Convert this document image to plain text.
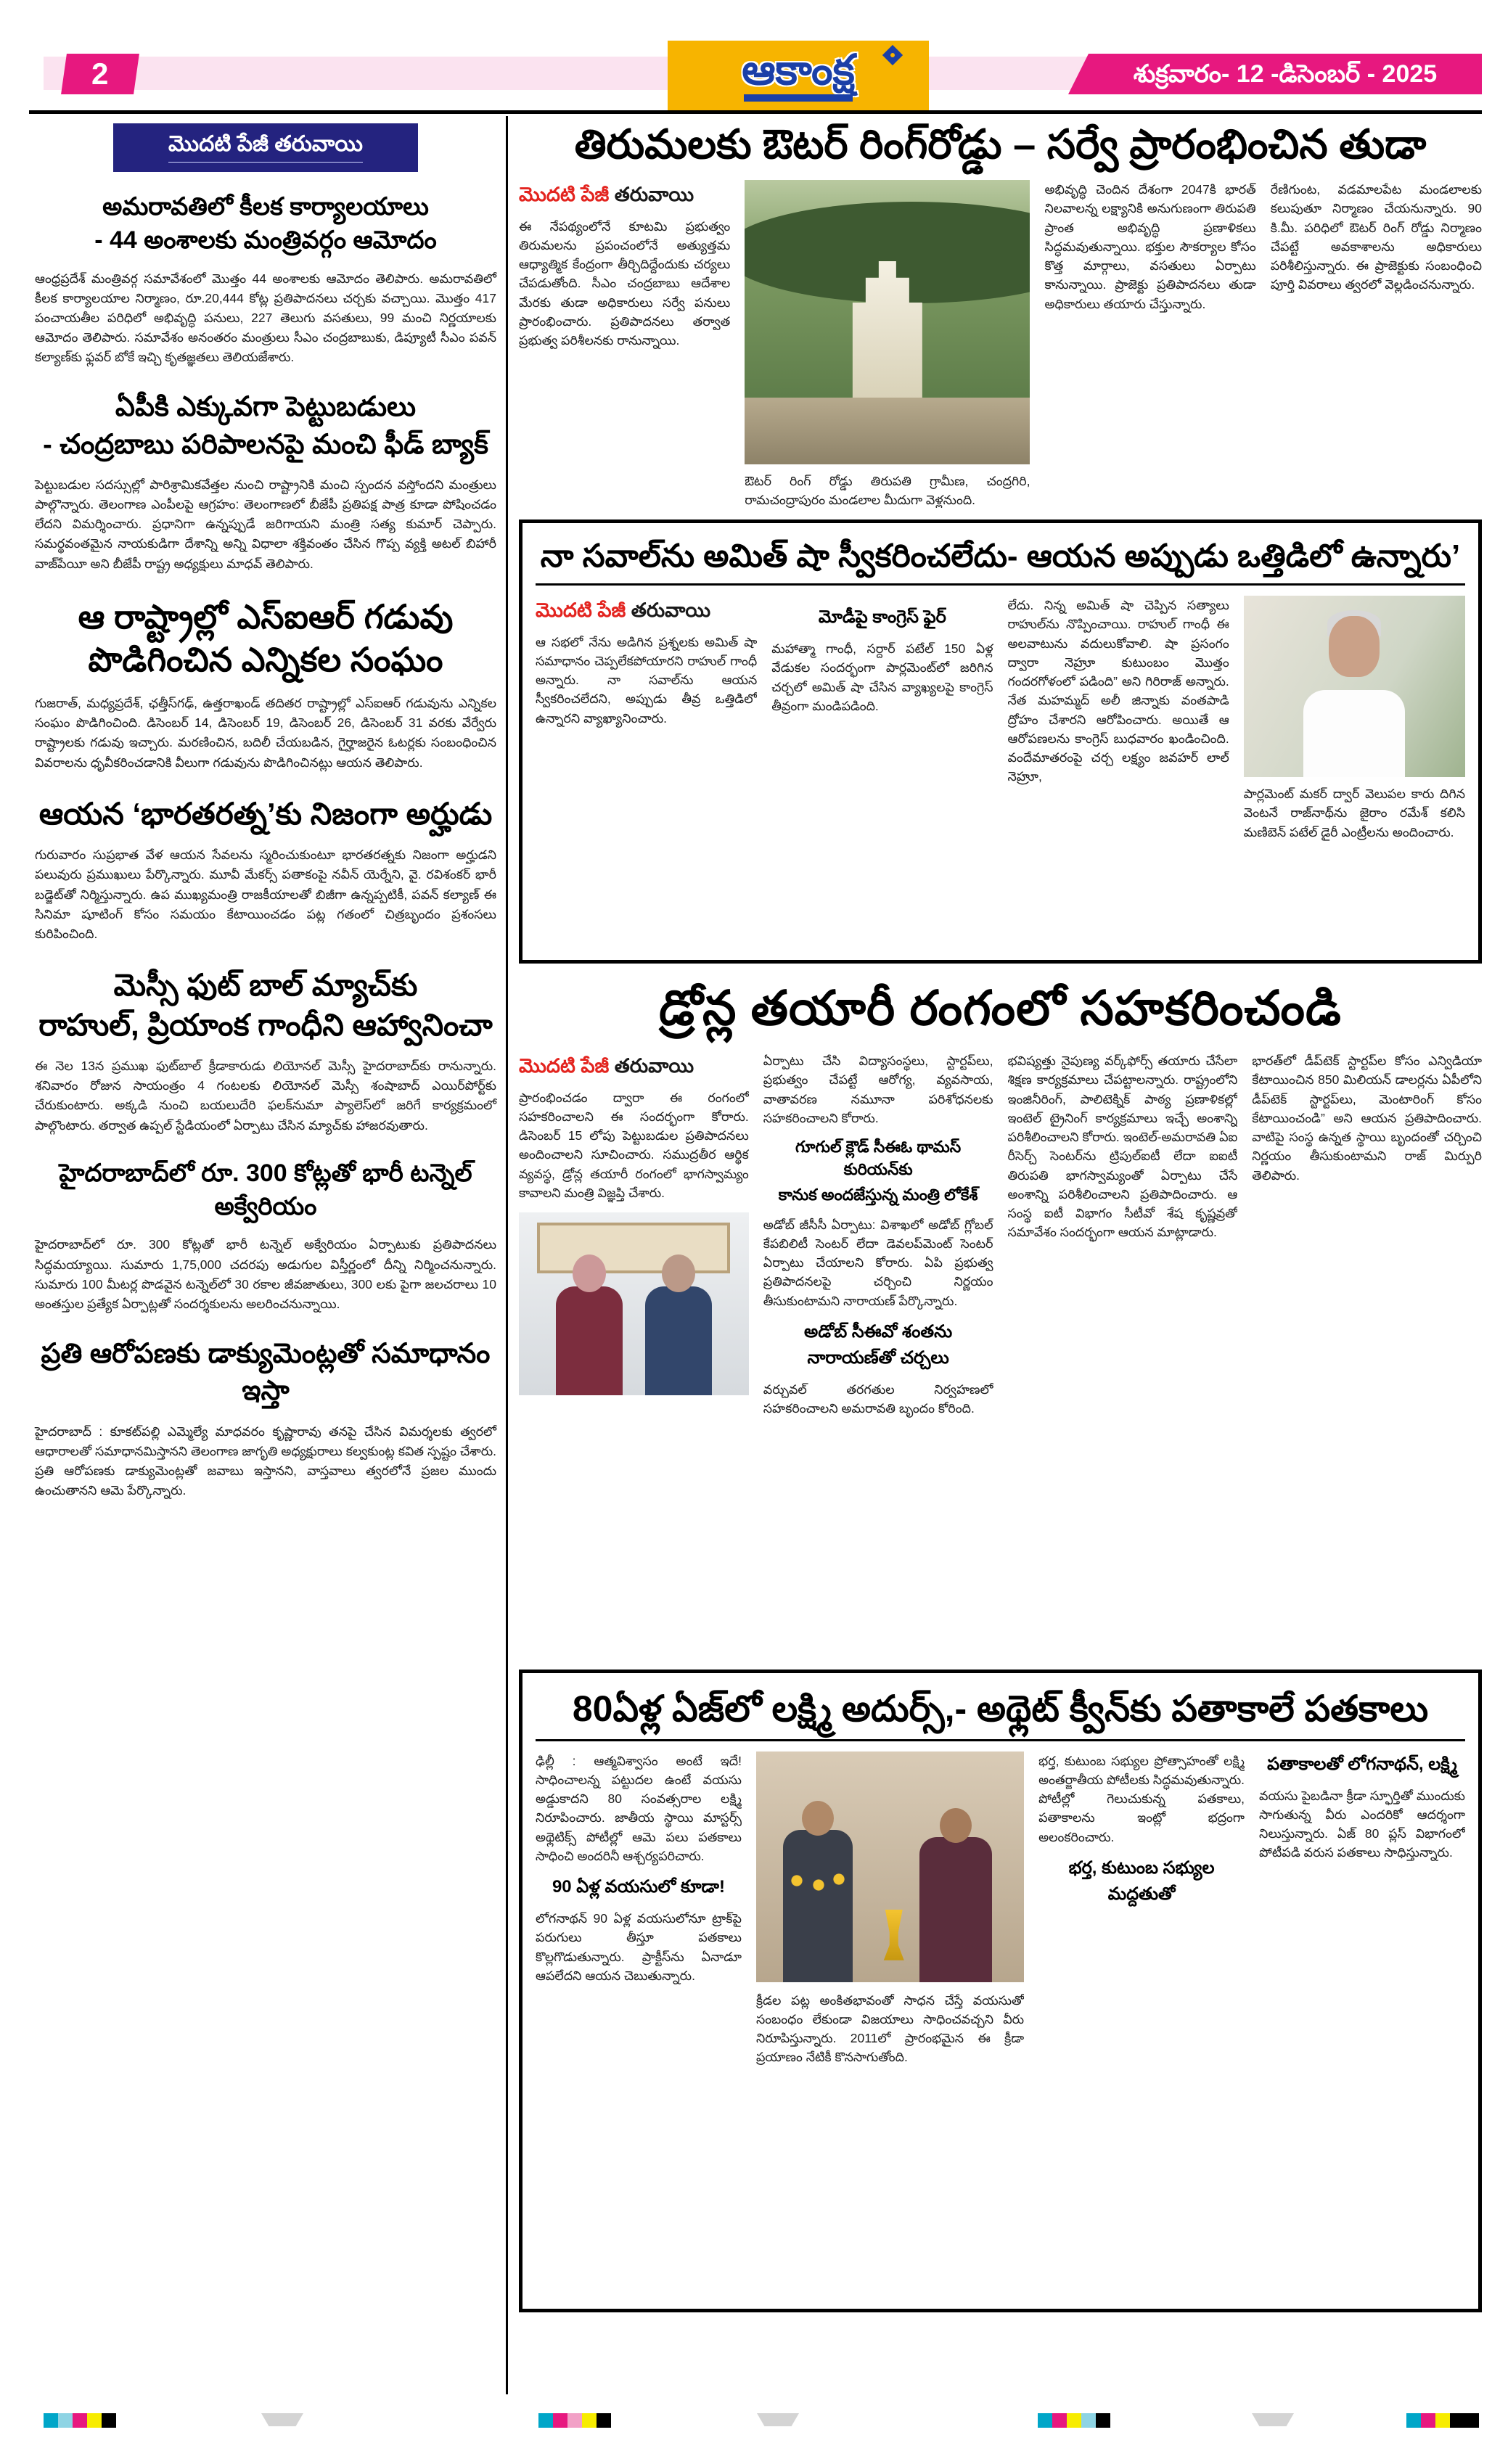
2	ఆకాంక్ష	శుక్రవారం- 12 -డిసెంబర్ - 2025
మొదటి పేజీ తరువాయి
అమరావతిలో కీలక కార్యాలయాలు
- 44 అంశాలకు మంత్రివర్గం ఆమోదం
ఆంధ్రప్రదేశ్ మంత్రివర్గ సమావేశంలో మొత్తం 44 అంశాలకు ఆమోదం తెలిపారు. అమరావతిలో కీలక కార్యాలయాల నిర్మాణం, రూ.20,444 కోట్ల ప్రతిపాదనలు చర్చకు వచ్చాయి. మొత్తం 417 పంచాయతీల పరిధిలో అభివృద్ధి పనులు, 227 తెలుగు వసతులు, 99 మంచి నిర్ణయాలకు ఆమోదం తెలిపారు. సమావేశం అనంతరం మంత్రులు సీఎం చంద్రబాబుకు, డిప్యూటీ సీఎం పవన్ కల్యాణ్‌కు ఫ్లవర్ బోకే ఇచ్చి కృతజ్ఞతలు తెలియజేశారు.
ఏపీకి ఎక్కువగా పెట్టుబడులు
- చంద్రబాబు పరిపాలనపై మంచి ఫీడ్ బ్యాక్
పెట్టుబడుల సదస్సుల్లో పారిశ్రామికవేత్తల నుంచి రాష్ట్రానికి మంచి స్పందన వస్తోందని మంత్రులు పాల్గొన్నారు. తెలంగాణ ఎంపీలపై ఆగ్రహం: తెలంగాణలో బీజేపీ ప్రతిపక్ష పాత్ర కూడా పోషించడం లేదని విమర్శించారు. ప్రధానిగా ఉన్నప్పుడే జరిగాయని మంత్రి సత్య కుమార్ చెప్పారు. సమర్థవంతమైన నాయకుడిగా దేశాన్ని అన్ని విధాలా శక్తివంతం చేసిన గొప్ప వ్యక్తి అటల్ బిహారీ వాజ్‌పేయీ అని బీజేపీ రాష్ట్ర అధ్యక్షులు మాధవ్ తెలిపారు.
ఆ రాష్ట్రాల్లో ఎస్ఐఆర్ గడువు
పొడిగించిన ఎన్నికల సంఘం
గుజరాత్, మధ్యప్రదేశ్, ఛత్తీస్‌గఢ్, ఉత్తరాఖండ్ తదితర రాష్ట్రాల్లో ఎస్ఐఆర్ గడువును ఎన్నికల సంఘం పొడిగించింది. డిసెంబర్ 14, డిసెంబర్ 19, డిసెంబర్ 26, డిసెంబర్ 31 వరకు వేర్వేరు రాష్ట్రాలకు గడువు ఇచ్చారు. మరణించిన, బదిలీ చేయబడిన, గైర్హాజరైన ఓటర్లకు సంబంధించిన వివరాలను ధృవీకరించడానికి వీలుగా గడువును పొడిగించినట్లు ఆయన తెలిపారు.
ఆయన ‘భారతరత్న’కు నిజంగా అర్హుడు
గురువారం సుప్రభాత వేళ ఆయన సేవలను స్మరించుకుంటూ భారతరత్నకు నిజంగా అర్హుడని పలువురు ప్రముఖులు పేర్కొన్నారు. మూవీ మేకర్స్ పతాకంపై నవీన్ యెర్నేని, వై. రవిశంకర్ భారీ బడ్జెట్‌తో నిర్మిస్తున్నారు. ఉప ముఖ్యమంత్రి రాజకీయాలతో బిజీగా ఉన్నప్పటికీ, పవన్ కల్యాణ్ ఈ సినిమా షూటింగ్ కోసం సమయం కేటాయించడం పట్ల గతంలో చిత్రబృందం ప్రశంసలు కురిపించింది.
మెస్సీ ఫుట్ బాల్ మ్యాచ్‌కు
రాహుల్, ప్రియాంక గాంధీని ఆహ్వానించా
ఈ నెల 13న ప్రముఖ ఫుట్‌బాల్ క్రీడాకారుడు లియోనల్ మెస్సీ హైదరాబాద్‌కు రానున్నారు. శనివారం రోజున సాయంత్రం 4 గంటలకు లియోనల్ మెస్సీ శంషాబాద్ ఎయిర్‌పోర్ట్‌కు చేరుకుంటారు. అక్కడి నుంచి బయలుదేరి ఫలక్‌నుమా ప్యాలెస్‌లో జరిగే కార్యక్రమంలో పాల్గొంటారు. తర్వాత ఉప్పల్ స్టేడియంలో ఏర్పాటు చేసిన మ్యాచ్‌కు హాజరవుతారు.
హైదరాబాద్‌లో రూ. 300 కోట్లతో భారీ టన్నెల్ అక్వేరియం
హైదరాబాద్‌లో రూ. 300 కోట్లతో భారీ టన్నెల్ అక్వేరియం ఏర్పాటుకు ప్రతిపాదనలు సిద్ధమయ్యాయి. సుమారు 1,75,000 చదరపు అడుగుల విస్తీర్ణంలో దీన్ని నిర్మించనున్నారు. సుమారు 100 మీటర్ల పొడవైన టన్నెల్‌లో 30 రకాల జీవజాతులు, 300 లకు పైగా జలచరాలు 10 అంతస్తుల ప్రత్యేక ఏర్పాట్లతో సందర్శకులను అలరించనున్నాయి.
ప్రతి ఆరోపణకు డాక్యుమెంట్లతో సమాధానం ఇస్తా
హైదరాబాద్ : కూకట్‌పల్లి ఎమ్మెల్యే మాధవరం కృష్ణారావు తనపై చేసిన విమర్శలకు త్వరలో ఆధారాలతో సమాధానమిస్తానని తెలంగాణ జాగృతి అధ్యక్షురాలు కల్వకుంట్ల కవిత స్పష్టం చేశారు. ప్రతి ఆరోపణకు డాక్యుమెంట్లతో జవాబు ఇస్తానని, వాస్తవాలు త్వరలోనే ప్రజల ముందు ఉంచుతానని ఆమె పేర్కొన్నారు.
తిరుమలకు ఔటర్ రింగ్‌రోడ్డు – సర్వే ప్రారంభించిన తుడా
మొదటి పేజీ తరువాయి
ఈ నేపథ్యంలోనే కూటమి ప్రభుత్వం తిరుమలను ప్రపంచంలోనే అత్యుత్తమ ఆధ్యాత్మిక కేంద్రంగా తీర్చిదిద్దేందుకు చర్యలు చేపడుతోంది. సీఎం చంద్రబాబు ఆదేశాల మేరకు తుడా అధికారులు సర్వే పనులు ప్రారంభించారు. ప్రతిపాదనలు తర్వాత ప్రభుత్వ పరిశీలనకు రానున్నాయి.
ఔటర్ రింగ్ రోడ్డు తిరుపతి గ్రామీణ, చంద్రగిరి, రామచంద్రాపురం మండలాల మీదుగా వెళ్లనుంది.
అభివృద్ధి చెందిన దేశంగా 2047కి భారత్ నిలవాలన్న లక్ష్యానికి అనుగుణంగా తిరుపతి ప్రాంత అభివృద్ధి ప్రణాళికలు సిద్ధమవుతున్నాయి. భక్తుల సౌకర్యాల కోసం కొత్త మార్గాలు, వసతులు ఏర్పాటు కానున్నాయి. ప్రాజెక్టు ప్రతిపాదనలు తుడా అధికారులు తయారు చేస్తున్నారు.
రేణిగుంట, వడమాలపేట మండలాలకు కలుపుతూ నిర్మాణం చేయనున్నారు. 90 కి.మీ. పరిధిలో ఔటర్ రింగ్ రోడ్డు నిర్మాణం చేపట్టే అవకాశాలను అధికారులు పరిశీలిస్తున్నారు. ఈ ప్రాజెక్టుకు సంబంధించి పూర్తి వివరాలు త్వరలో వెల్లడించనున్నారు.
నా సవాల్‌ను అమిత్ షా స్వీకరించలేదు- ఆయన అప్పుడు ఒత్తిడిలో ఉన్నారు’
మొదటి పేజీ తరువాయి
ఆ సభలో నేను అడిగిన ప్రశ్నలకు అమిత్ షా సమాధానం చెప్పలేకపోయారని రాహుల్ గాంధీ అన్నారు. నా సవాల్‌ను ఆయన స్వీకరించలేదని, అప్పుడు తీవ్ర ఒత్తిడిలో ఉన్నారని వ్యాఖ్యానించారు.
మోడీపై కాంగ్రెస్ ఫైర్
మహాత్మా గాంధీ, సర్దార్ పటేల్ 150 ఏళ్ల వేడుకల సందర్భంగా పార్లమెంట్‌లో జరిగిన చర్చలో అమిత్ షా చేసిన వ్యాఖ్యలపై కాంగ్రెస్ తీవ్రంగా మండిపడింది.
లేదు. నిన్న అమిత్ షా చెప్పిన సత్యాలు రాహుల్‌ను నొప్పించాయి. రాహుల్ గాంధీ ఈ అలవాటును వదులుకోవాలి. షా ప్రసంగం ద్వారా నెహ్రూ కుటుంబం మొత్తం గందరగోళంలో పడింది” అని గిరిరాజ్ అన్నారు. నేత మహమ్మద్ అలీ జిన్నాకు వంతపాడి ద్రోహం చేశారని ఆరోపించారు. అయితే ఆ ఆరోపణలను కాంగ్రెస్ బుధవారం ఖండించింది. వందేమాతరంపై చర్చ లక్ష్యం జవహర్ లాల్ నెహ్రూ,
పార్లమెంట్ మకర్ ద్వార్ వెలుపల కారు దిగిన వెంటనే రాజ్‌నాథ్‌ను జైరాం రమేశ్ కలిసి మణిబెన్ పటేల్ డైరీ ఎంట్రీలను అందించారు.
డ్రోన్ల తయారీ రంగంలో సహకరించండి
మొదటి పేజీ తరువాయి
ప్రారంభించడం ద్వారా ఈ రంగంలో సహకరించాలని ఈ సందర్భంగా కోరారు. డిసెంబర్ 15 లోపు పెట్టుబడుల ప్రతిపాదనలు అందించాలని సూచించారు. సముద్రతీర ఆర్థిక వ్యవస్థ, డ్రోన్ల తయారీ రంగంలో భాగస్వామ్యం కావాలని మంత్రి విజ్ఞప్తి చేశారు.
ఏర్పాటు చేసి విద్యాసంస్థలు, స్టార్టప్‌లు, ప్రభుత్వం చేపట్టే ఆరోగ్య, వ్యవసాయ, వాతావరణ నమూనా పరిశోధనలకు సహకరించాలని కోరారు.
గూగుల్ క్లౌడ్ సీఈఓ థామస్ కురియన్‌కు
కానుక అందజేస్తున్న మంత్రి లోకేశ్
అడోబ్ జీసీసీ ఏర్పాటు: విశాఖలో అడోబ్ గ్లోబల్ కేపబిలిటీ సెంటర్ లేదా డెవలప్‌మెంట్ సెంటర్ ఏర్పాటు చేయాలని కోరారు. ఏపి ప్రభుత్వ ప్రతిపాదనలపై చర్చించి నిర్ణయం తీసుకుంటామని నారాయణ్ పేర్కొన్నారు.
అడోబ్ సీఈవో శంతను నారాయణ్‌తో చర్చలు
వర్చువల్ తరగతుల నిర్వహణలో సహకరించాలని అమరావతి బృందం కోరింది.
భవిష్యత్తు నైపుణ్య వర్క్‌ఫోర్స్ తయారు చేసేలా శిక్షణ కార్యక్రమాలు చేపట్టాలన్నారు. రాష్ట్రంలోని ఇంజినీరింగ్, పాలిటెక్నిక్ పాఠ్య ప్రణాళికల్లో ఇంటెల్ ట్రైనింగ్ కార్యక్రమాలు ఇచ్చే అంశాన్ని పరిశీలించాలని కోరారు. ఇంటెల్-అమరావతి ఏఐ రీసెర్చ్ సెంటర్‌ను ట్రిపుల్ఐటీ లేదా ఐఐటీ తిరుపతి భాగస్వామ్యంతో ఏర్పాటు చేసే అంశాన్ని పరిశీలించాలని ప్రతిపాదించారు. ఆ సంస్థ ఐటీ విభాగం సీటీవో శేష కృష్ణవ్రతో సమావేశం సందర్భంగా ఆయన మాట్లాడారు.
భారత్‌లో డీప్‌టెక్ స్టార్టప్‌ల కోసం ఎన్విడియా కేటాయించిన 850 మిలియన్ డాలర్లను ఏపీలోని డీప్‌టెక్ స్టార్టప్‌లు, మెంటారింగ్ కోసం కేటాయించండి” అని ఆయన ప్రతిపాదించారు. వాటిపై సంస్థ ఉన్నత స్థాయి బృందంతో చర్చించి నిర్ణయం తీసుకుంటామని రాజ్ మిర్పురి తెలిపారు.
80ఏళ్ల ఏజ్‌లో లక్ష్మి అదుర్స్,- అథ్లెట్ క్వీన్‌కు పతాకాలే పతకాలు
ఢిల్లీ : ఆత్మవిశ్వాసం అంటే ఇదే! సాధించాలన్న పట్టుదల ఉంటే వయసు అడ్డుకాదని 80 సంవత్సరాల లక్ష్మి నిరూపించారు. జాతీయ స్థాయి మాస్టర్స్ అథ్లెటిక్స్ పోటీల్లో ఆమె పలు పతకాలు సాధించి అందరినీ ఆశ్చర్యపరిచారు.
90 ఏళ్ల వయసులో కూడా!
లోగనాథన్ 90 ఏళ్ల వయసులోనూ ట్రాక్‌పై పరుగులు తీస్తూ పతకాలు కొల్లగొడుతున్నారు. ప్రాక్టీస్‌ను ఏనాడూ ఆపలేదని ఆయన చెబుతున్నారు.
క్రీడల పట్ల అంకితభావంతో సాధన చేస్తే వయసుతో సంబంధం లేకుండా విజయాలు సాధించవచ్చని వీరు నిరూపిస్తున్నారు. 2011లో ప్రారంభమైన ఈ క్రీడా ప్రయాణం నేటికీ కొనసాగుతోంది.
భర్త, కుటుంబ సభ్యుల ప్రోత్సాహంతో లక్ష్మి అంతర్జాతీయ పోటీలకు సిద్ధమవుతున్నారు. పోటీల్లో గెలుచుకున్న పతకాలు, పతాకాలను ఇంట్లో భద్రంగా అలంకరించారు.
భర్త, కుటుంబ సభ్యుల మద్దతుతో
పతాకాలతో లోగనాథన్, లక్ష్మి
వయసు పైబడినా క్రీడా స్ఫూర్తితో ముందుకు సాగుతున్న వీరు ఎందరికో ఆదర్శంగా నిలుస్తున్నారు. ఏజ్ 80 ప్లస్ విభాగంలో పోటీపడి వరుస పతకాలు సాధిస్తున్నారు.
